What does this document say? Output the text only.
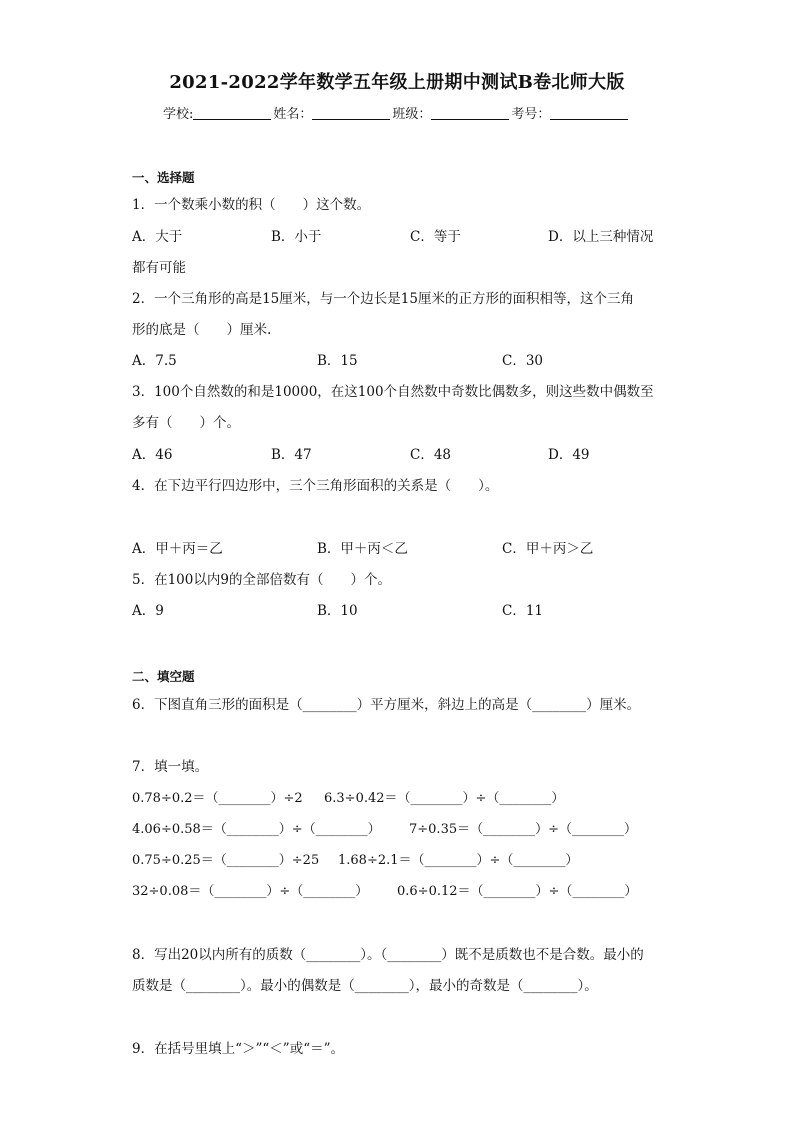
2021-2022学年数学五年级上册期中测试B卷北师大版
学校:	姓名：	班级：	考号：
一、选择题
1．一个数乘小数的积（　　）这个数。
A．大于	B．小于	C．等于	D．以上三种情况
都有可能
2．一个三角形的高是15厘米，与一个边长是15厘米的正方形的面积相等，这个三角
形的底是（　　）厘米.
A．7.5	B．15	C．30
3．100个自然数的和是10000，在这100个自然数中奇数比偶数多，则这些数中偶数至
多有（　　）个。
A．46	B．47	C．48	D．49
4．在下边平行四边形中，三个三角形面积的关系是（　　）。
A．甲＋丙＝乙	B．甲＋丙＜乙	C．甲＋丙＞乙
5．在100以内9的全部倍数有（　　）个。
A．9	B．10	C．11
二、填空题
6．下图直角三形的面积是（________）平方厘米，斜边上的高是（________）厘米。
7．填一填。
0.78÷0.2＝（________）÷2 6.3÷0.42＝（________）÷（________）
4.06÷0.58＝（________）÷（________） 7÷0.35＝（________）÷（________）
0.75÷0.25＝（________）÷25 1.68÷2.1＝（________）÷（________）
32÷0.08＝（________）÷（________） 0.6÷0.12＝（________）÷（________）
8．写出20以内所有的质数（________）。（________）既不是质数也不是合数。最小的
质数是（________）。最小的偶数是（________），最小的奇数是（________）。
9．在括号里填上“＞”“＜”或“＝”。
